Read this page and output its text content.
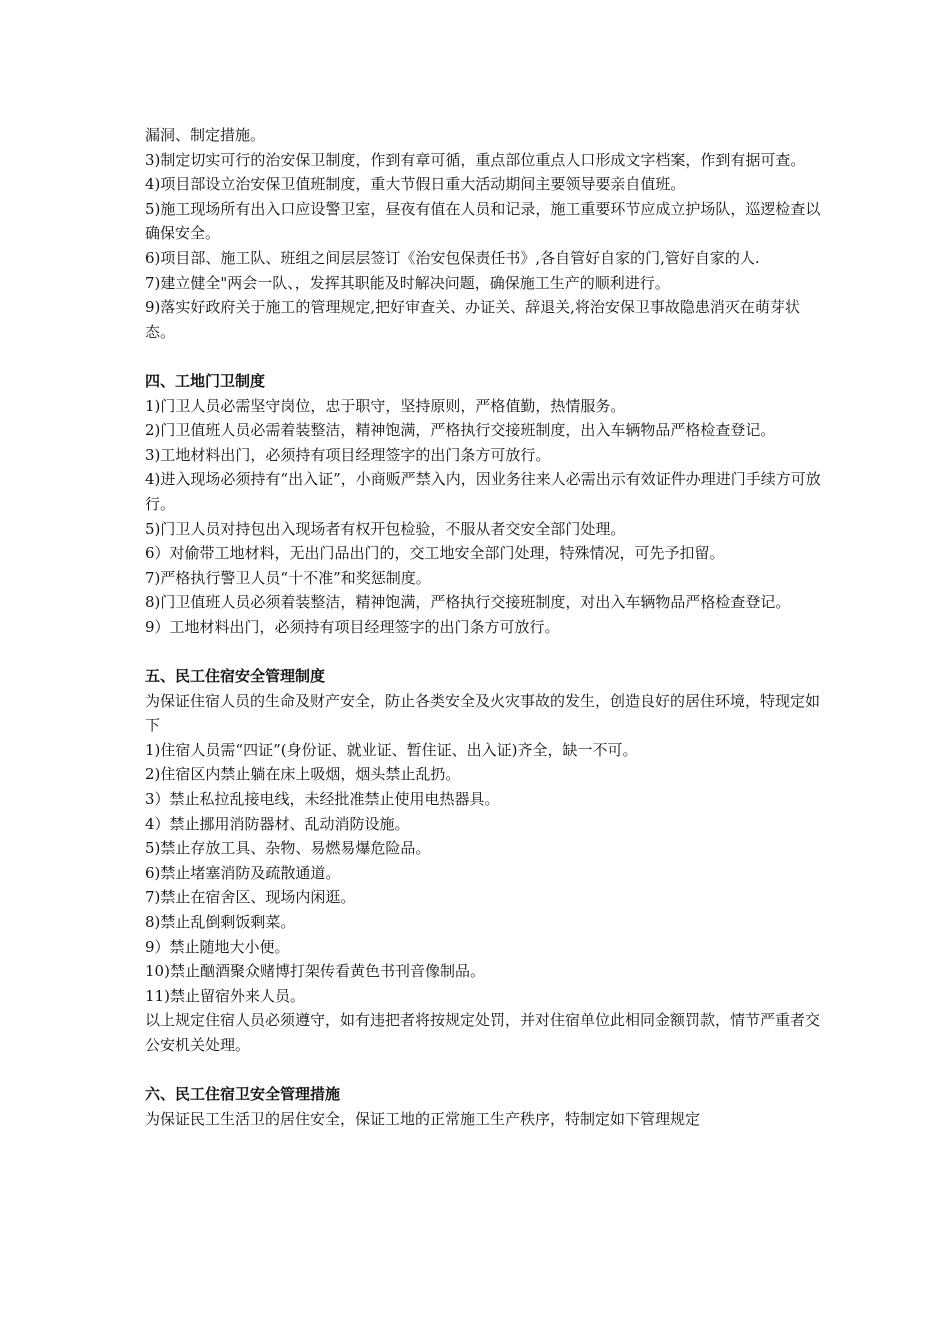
漏洞、制定措施。

3)制定切实可行的治安保卫制度，作到有章可循，重点部位重点人口形成文字档案，作到有据可查。

4)项目部设立治安保卫值班制度，重大节假日重大活动期间主要领导要亲自值班。

5)施工现场所有出入口应设警卫室，昼夜有值在人员和记录，施工重要环节应成立护场队，巡逻检查以确保安全。

6)项目部、施工队、班组之间层层签订《治安包保责任书》,各自管好自家的门,管好自家的人.

7)建立健全"两会一队、，发挥其职能及时解决问题，确保施工生产的顺利进行。

9)落实好政府关于施工的管理规定,把好审查关、办证关、辞退关,将治安保卫事故隐患消灭在萌芽状态。

四、工地门卫制度

1)门卫人员必需坚守岗位，忠于职守，坚持原则，严格值勤，热情服务。

2)门卫值班人员必需着装整洁，精神饱满，严格执行交接班制度，出入车辆物品严格检查登记。

3)工地材料出门，必须持有项目经理签字的出门条方可放行。

4)进入现场必须持有“出入证”，小商贩严禁入内，因业务往来人必需出示有效证件办理进门手续方可放行。

5)门卫人员对持包出入现场者有权开包检验，不服从者交安全部门处理。

6）对偷带工地材料，无出门品出门的，交工地安全部门处理，特殊情况，可先予扣留。

7)严格执行警卫人员“十不准”和奖惩制度。

8)门卫值班人员必须着装整洁，精神饱满，严格执行交接班制度，对出入车辆物品严格检查登记。

9）工地材料出门，必须持有项目经理签字的出门条方可放行。

五、民工住宿安全管理制度

为保证住宿人员的生命及财产安全，防止各类安全及火灾事故的发生，创造良好的居住环境，特现定如下

1)住宿人员需“四证”(身份证、就业证、暂住证、出入证)齐全，缺一不可。

2)住宿区内禁止躺在床上吸烟，烟头禁止乱扔。

3）禁止私拉乱接电线，未经批准禁止使用电热器具。

4）禁止挪用消防器材、乱动消防设施。

5)禁止存放工具、杂物、易燃易爆危险品。

6)禁止堵塞消防及疏散通道。

7)禁止在宿舍区、现场内闲逛。

8)禁止乱倒剩饭剩菜。

9）禁止随地大小便。

10)禁止酗酒聚众赌博打架传看黄色书刊音像制品。

11)禁止留宿外来人员。

以上规定住宿人员必须遵守，如有违把者将按规定处罚，并对住宿单位此相同金额罚款，情节严重者交公安机关处理。

六、民工住宿卫安全管理措施

为保证民工生活卫的居住安全，保证工地的正常施工生产秩序，特制定如下管理规定
